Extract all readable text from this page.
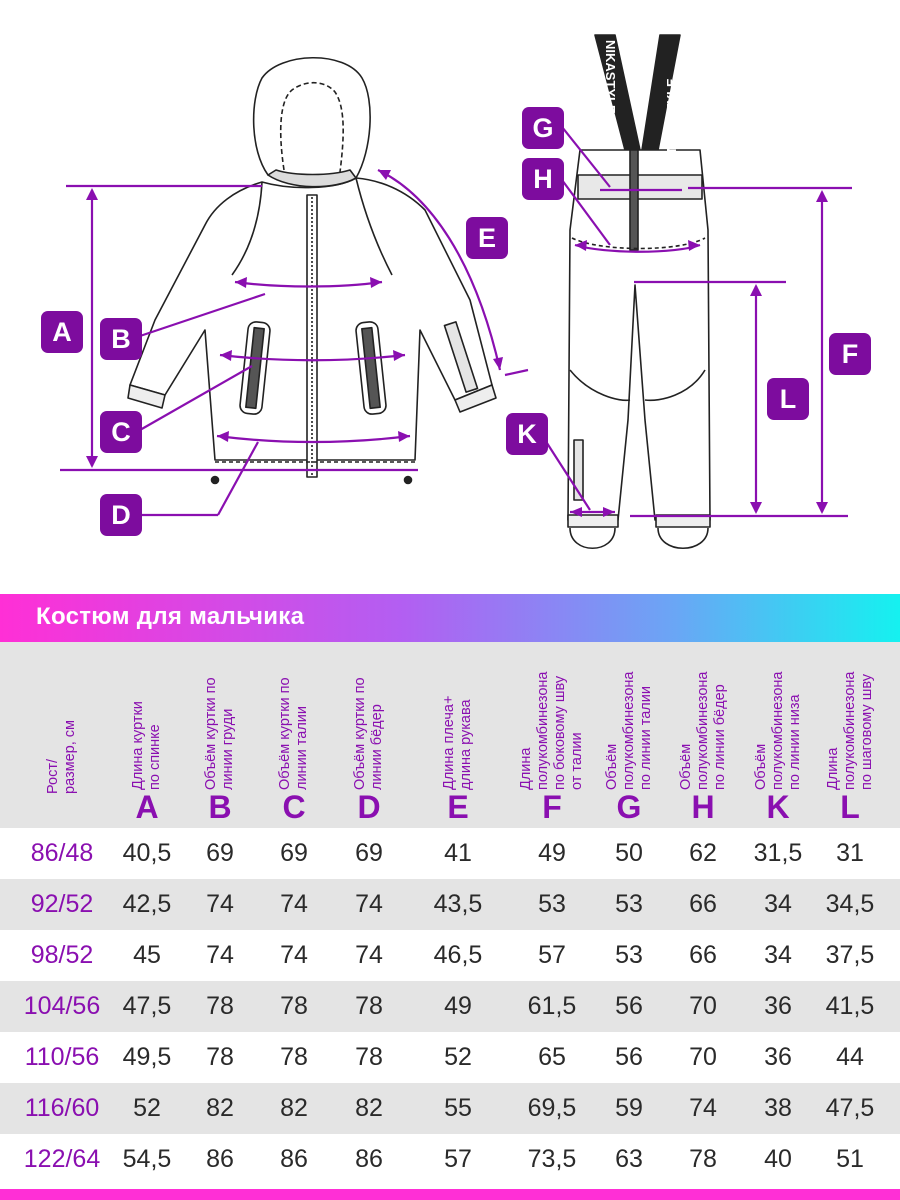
NIKASTYLE
NIKASTYLE
A	B
C
D
E
G
H
F
L
K
Костюм для мальчика
Рост/
размер, см
Длина куртки
по спинке
A
Объём куртки по
линии груди
B
Объём куртки по
линии талии
C
Объём куртки по
линии бёдер
D
Длина плеча+
длина рукава
E
Длина
полукомбинезона
по боковому шву
от талии
F
Объём
полукомбинезона
по линии талии
G
Объём
полукомбинезона
по линии бёдер
H
Объём
полукомбинезона
по линии низа
K
Длина
полукомбинезона
по шаговому шву
L
86/48	40,5	69	69	69	41	49	50	62	31,5	31
92/52	42,5	74	74	74	43,5	53	53	66	34	34,5
98/52	45	74	74	74	46,5	57	53	66	34	37,5
104/56 47,5	78	78	78	49	61,5	56	70	36	41,5
110/56 49,5	78	78	78	52	65	56	70	36	44
116/60	52	82	82	82	55	69,5	59	74	38	47,5
122/64 54,5	86	86	86	57	73,5	63	78	40	51
